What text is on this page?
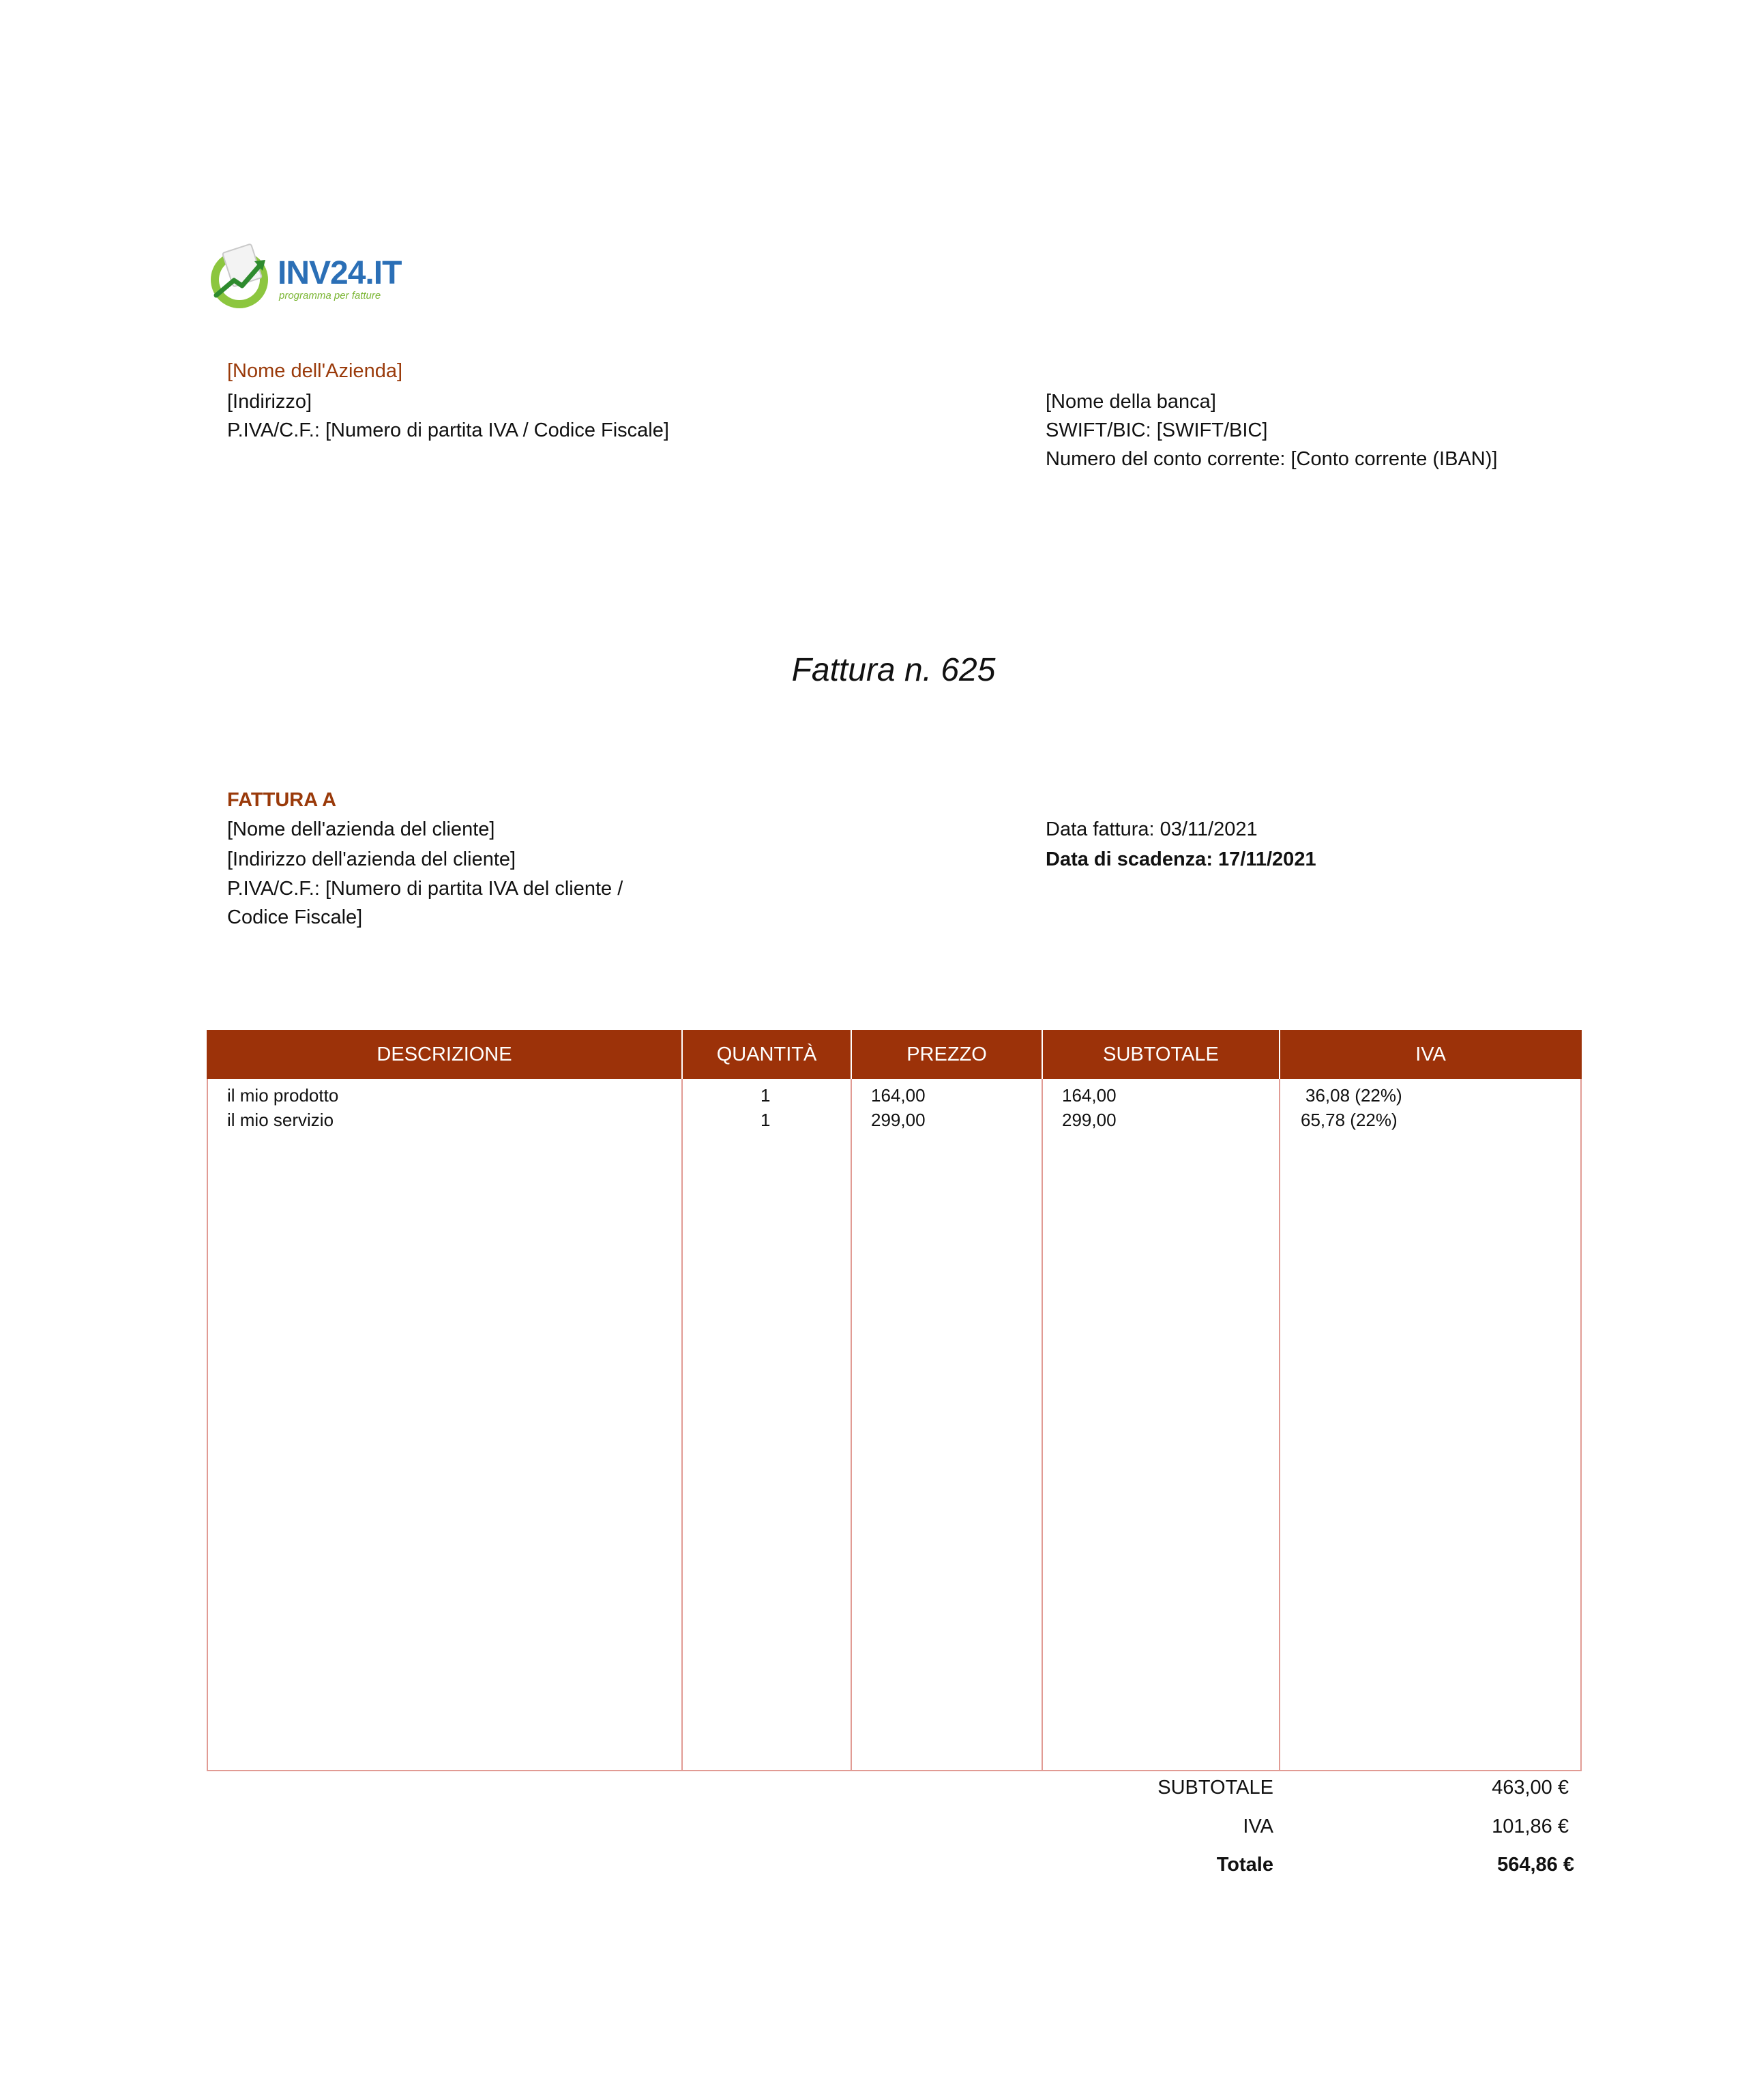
INV24.IT
programma per fatture
[Nome dell'Azienda]
[Indirizzo]
P.IVA/C.F.: [Numero di partita IVA / Codice Fiscale]
[Nome della banca]
SWIFT/BIC: [SWIFT/BIC]
Numero del conto corrente: [Conto corrente (IBAN)]
Fattura n. 625
FATTURA A
[Nome dell'azienda del cliente]
[Indirizzo dell'azienda del cliente]
P.IVA/C.F.: [Numero di partita IVA del cliente /
Codice Fiscale]
Data fattura: 03/11/2021
Data di scadenza: 17/11/2021
DESCRIZIONE	QUANTITÀ	PREZZO	SUBTOTALE	IVA
il mio prodotto	1	164,00	164,00	36,08 (22%)
il mio servizio	1	299,00	299,00	65,78 (22%)
SUBTOTALE	463,00 €
IVA	101,86 €
Totale	564,86 €
